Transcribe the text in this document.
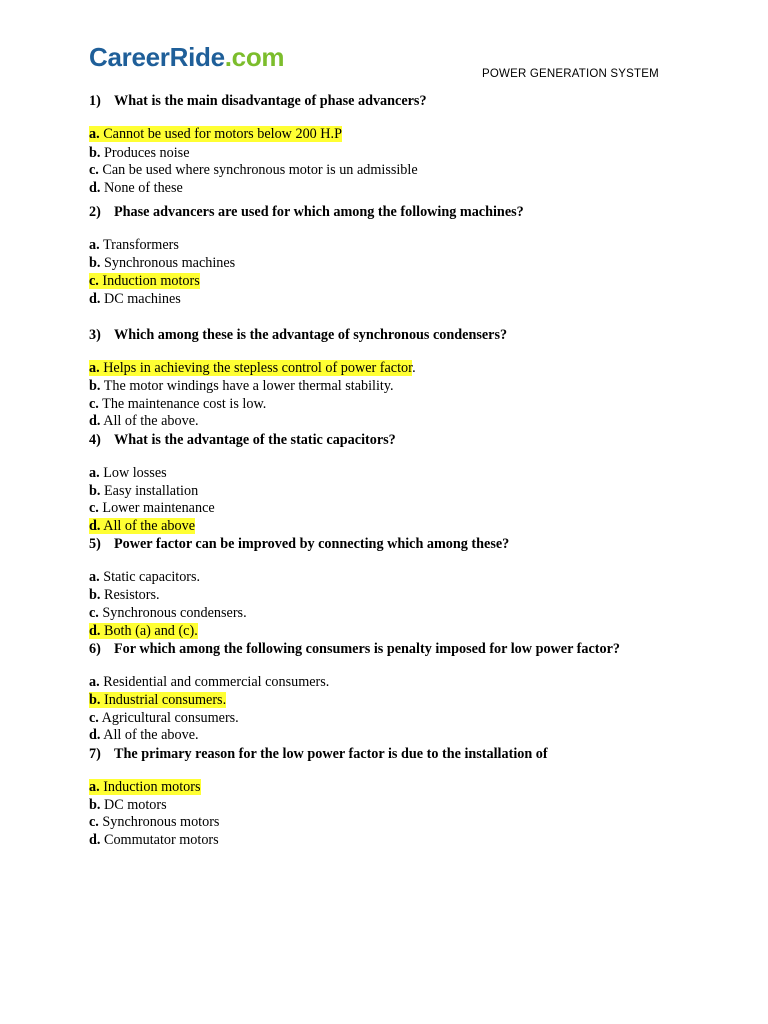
CareerRide.com
POWER GENERATION SYSTEM
1) What is the main disadvantage of phase advancers?
a. Cannot be used for motors below 200 H.P
b. Produces noise
c. Can be used where synchronous motor is un admissible
d. None of these
2) Phase advancers are used for which among the following machines?
a. Transformers
b. Synchronous machines
c. Induction motors
d. DC machines
3) Which among these is the advantage of synchronous condensers?
a. Helps in achieving the stepless control of power factor.
b. The motor windings have a lower thermal stability.
c. The maintenance cost is low.
d. All of the above.
4) What is the advantage of the static capacitors?
a. Low losses
b. Easy installation
c. Lower maintenance
d. All of the above
5) Power factor can be improved by connecting which among these?
a. Static capacitors.
b. Resistors.
c. Synchronous condensers.
d. Both (a) and (c).
6) For which among the following consumers is penalty imposed for low power factor?
a. Residential and commercial consumers.
b. Industrial consumers.
c. Agricultural consumers.
d. All of the above.
7) The primary reason for the low power factor is due to the installation of
a. Induction motors
b. DC motors
c. Synchronous motors
d. Commutator motors
